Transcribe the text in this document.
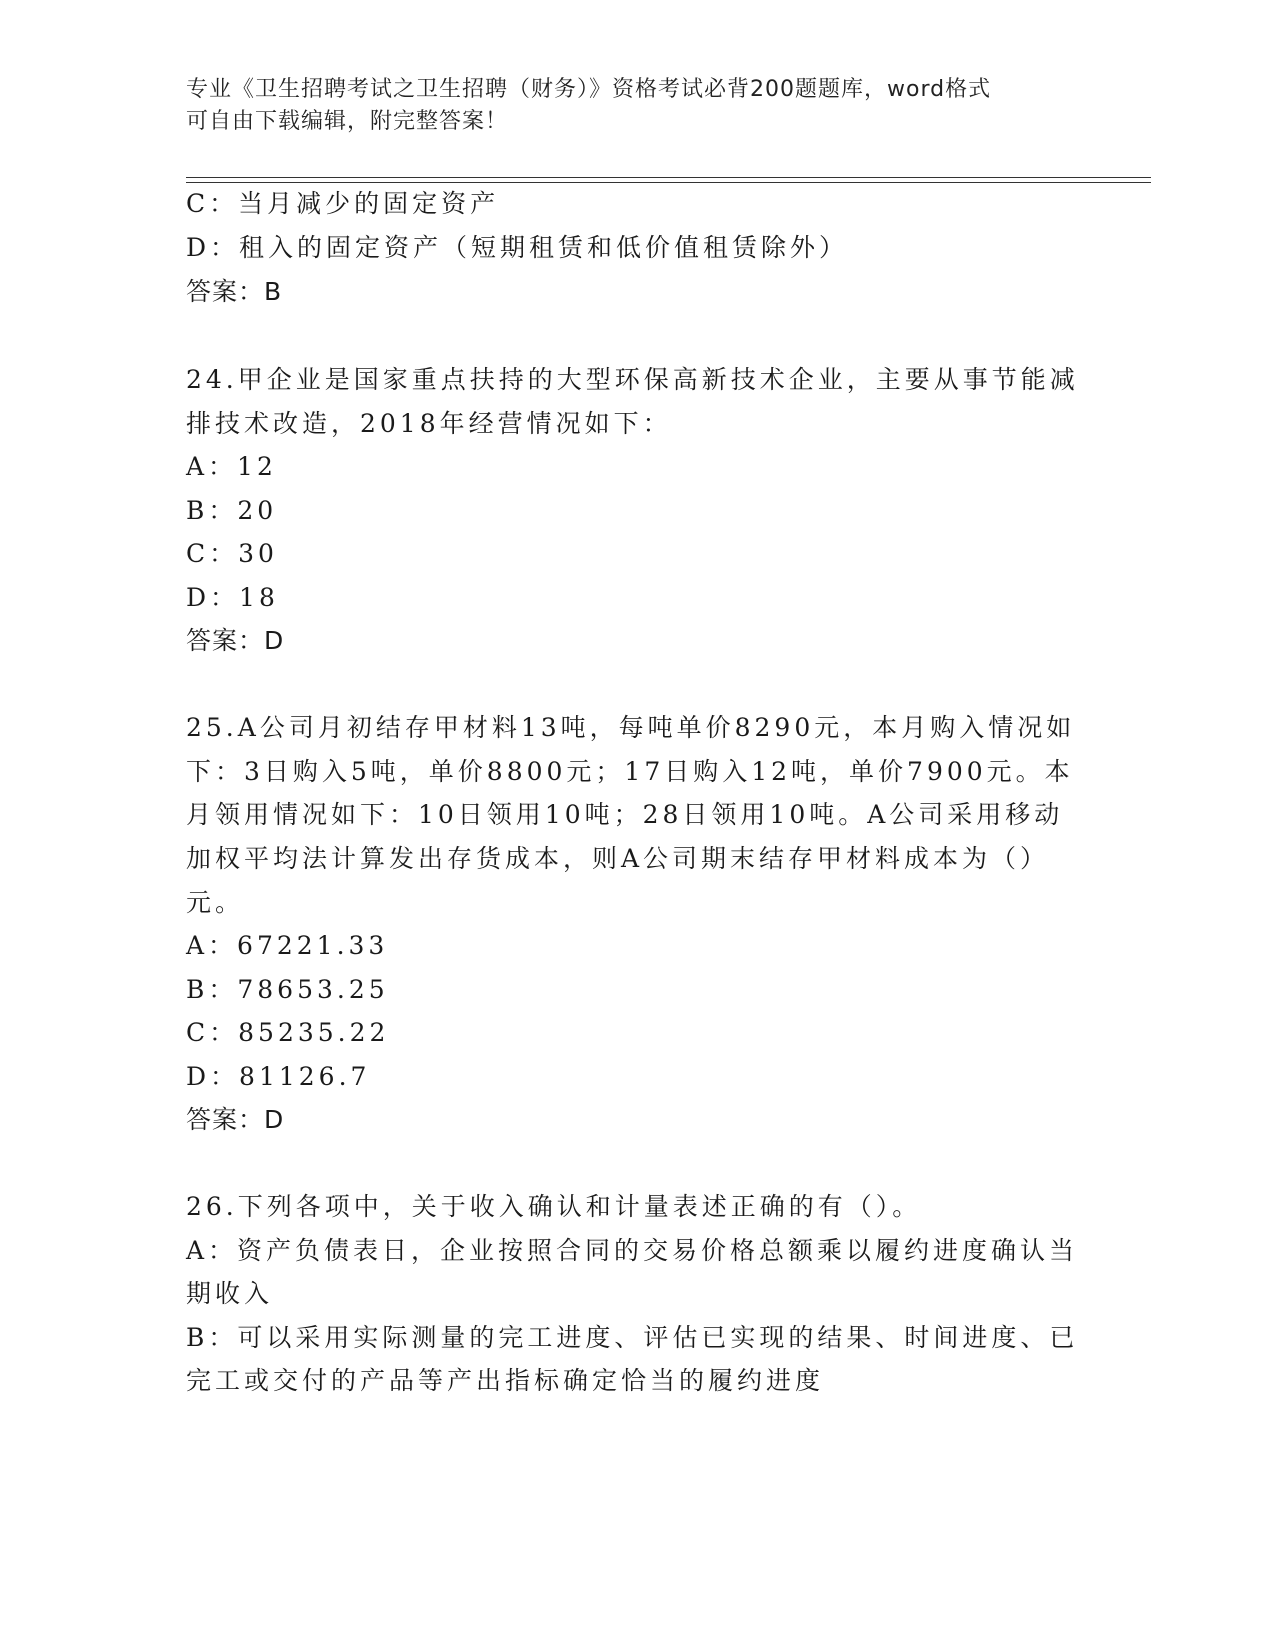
专业《卫生招聘考试之卫生招聘（财务）》资格考试必背200题题库，word格式
可自由下载编辑，附完整答案！
C：当月减少的固定资产
D：租入的固定资产（短期租赁和低价值租赁除外）
答案：B
24.甲企业是国家重点扶持的大型环保高新技术企业，主要从事节能减
排技术改造，2018年经营情况如下：
A：12
B：20
C：30
D：18
答案：D
25.A公司月初结存甲材料13吨，每吨单价8290元，本月购入情况如
下：3日购入5吨，单价8800元；17日购入12吨，单价7900元。本
月领用情况如下：10日领用10吨；28日领用10吨。A公司采用移动
加权平均法计算发出存货成本，则A公司期末结存甲材料成本为（）
元。
A：67221.33
B：78653.25
C：85235.22
D：81126.7
答案：D
26.下列各项中，关于收入确认和计量表述正确的有（）。
A：资产负债表日，企业按照合同的交易价格总额乘以履约进度确认当
期收入
B：可以采用实际测量的完工进度、评估已实现的结果、时间进度、已
完工或交付的产品等产出指标确定恰当的履约进度
